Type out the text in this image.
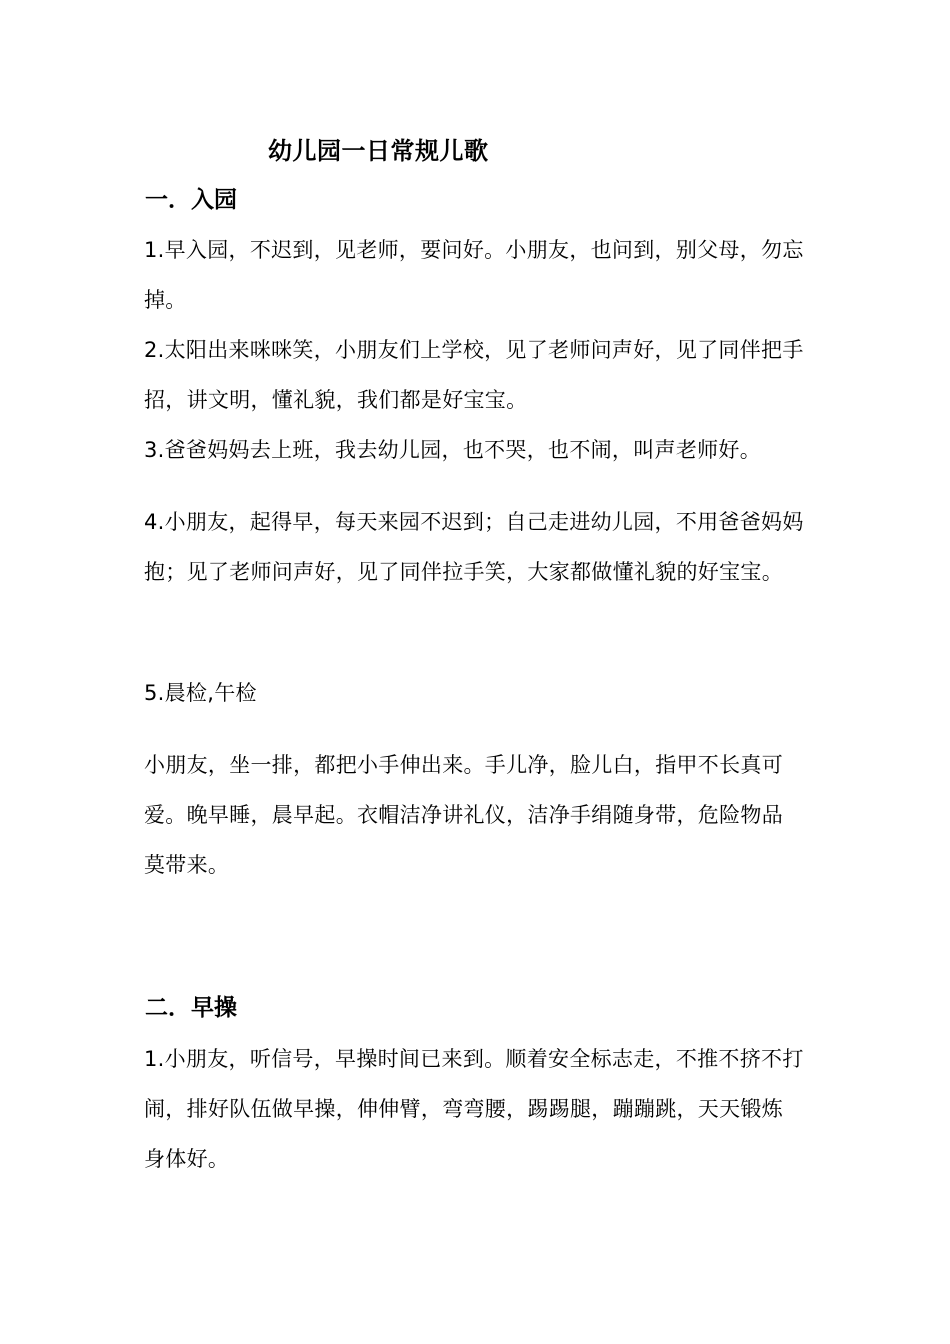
幼儿园一日常规儿歌
一．入园

1.早入园，不迟到，见老师，要问好。小朋友，也问到，别父母，勿忘掉。

2.太阳出来咪咪笑，小朋友们上学校，见了老师问声好，见了同伴把手招，讲文明，懂礼貌，我们都是好宝宝。

3.爸爸妈妈去上班，我去幼儿园，也不哭，也不闹，叫声老师好。

4.小朋友，起得早，每天来园不迟到；自己走进幼儿园，不用爸爸妈妈抱；见了老师问声好，见了同伴拉手笑，大家都做懂礼貌的好宝宝。

5.晨检,午检

小朋友，坐一排，都把小手伸出来。手儿净，脸儿白，指甲不长真可爱。晚早睡，晨早起。衣帽洁净讲礼仪，洁净手绢随身带，危险物品莫带来。

二．早操

1.小朋友，听信号，早操时间已来到。顺着安全标志走，不推不挤不打闹，排好队伍做早操，伸伸臂，弯弯腰，踢踢腿，蹦蹦跳，天天锻炼身体好。
